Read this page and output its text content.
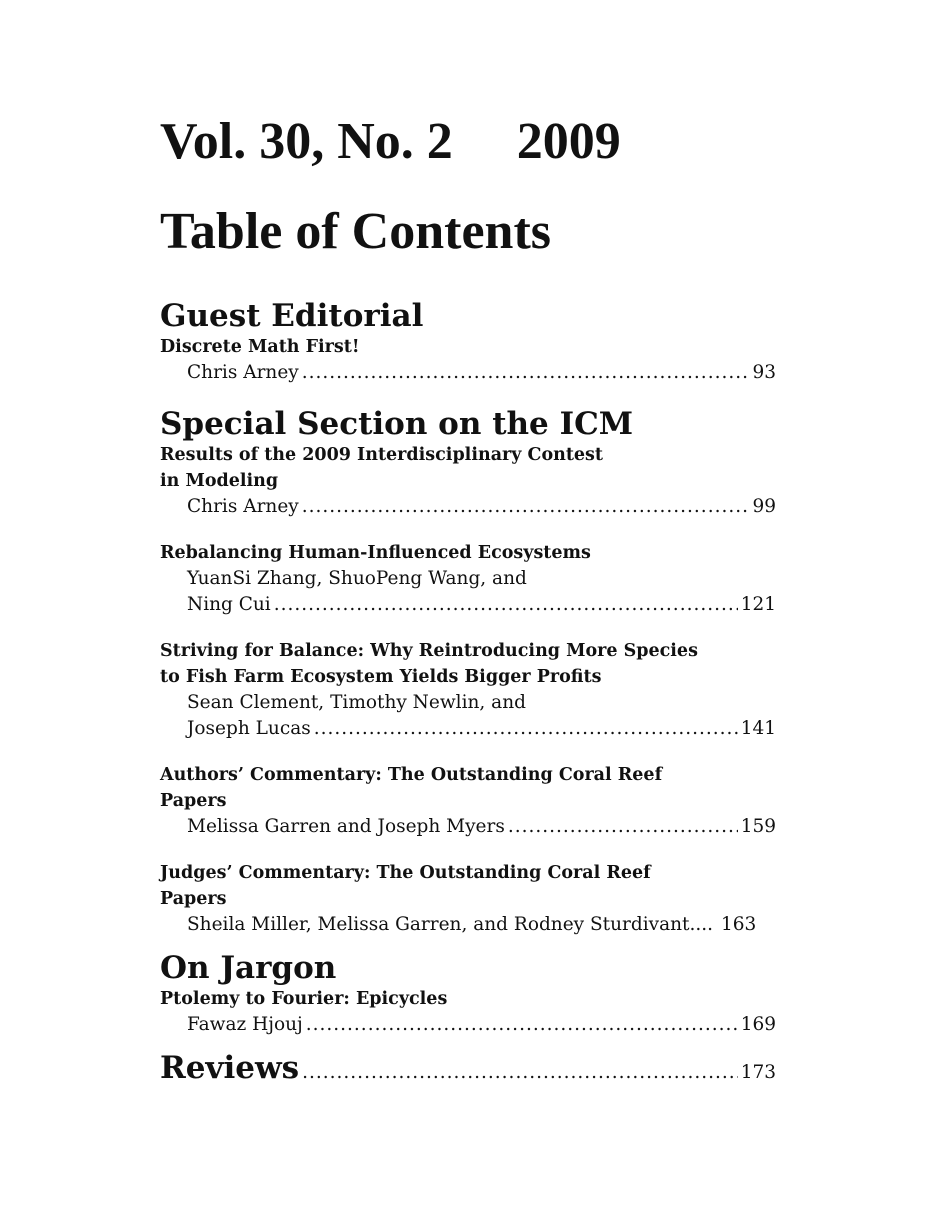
Vol. 30, No. 2 2009
Table of Contents
Guest Editorial
Discrete Math First!
Chris Arney .....	93
Special Section on the ICM
Results of the 2009 Interdisciplinary Contest
in Modeling
Chris Arney .....	99
Rebalancing Human-Influenced Ecosystems
YuanSi Zhang, ShuoPeng Wang, and
Ning Cui .....	121
Striving for Balance: Why Reintroducing More Species
to Fish Farm Ecosystem Yields Bigger Profits
Sean Clement, Timothy Newlin, and
Joseph Lucas .....	141
Authors’ Commentary: The Outstanding Coral Reef
Papers
Melissa Garren and Joseph Myers .....	159
Judges’ Commentary: The Outstanding Coral Reef
Papers
Sheila Miller, Melissa Garren, and Rodney Sturdivant.... 163
On Jargon
Ptolemy to Fourier: Epicycles
Fawaz Hjouj .....	169
Reviews .....	173
